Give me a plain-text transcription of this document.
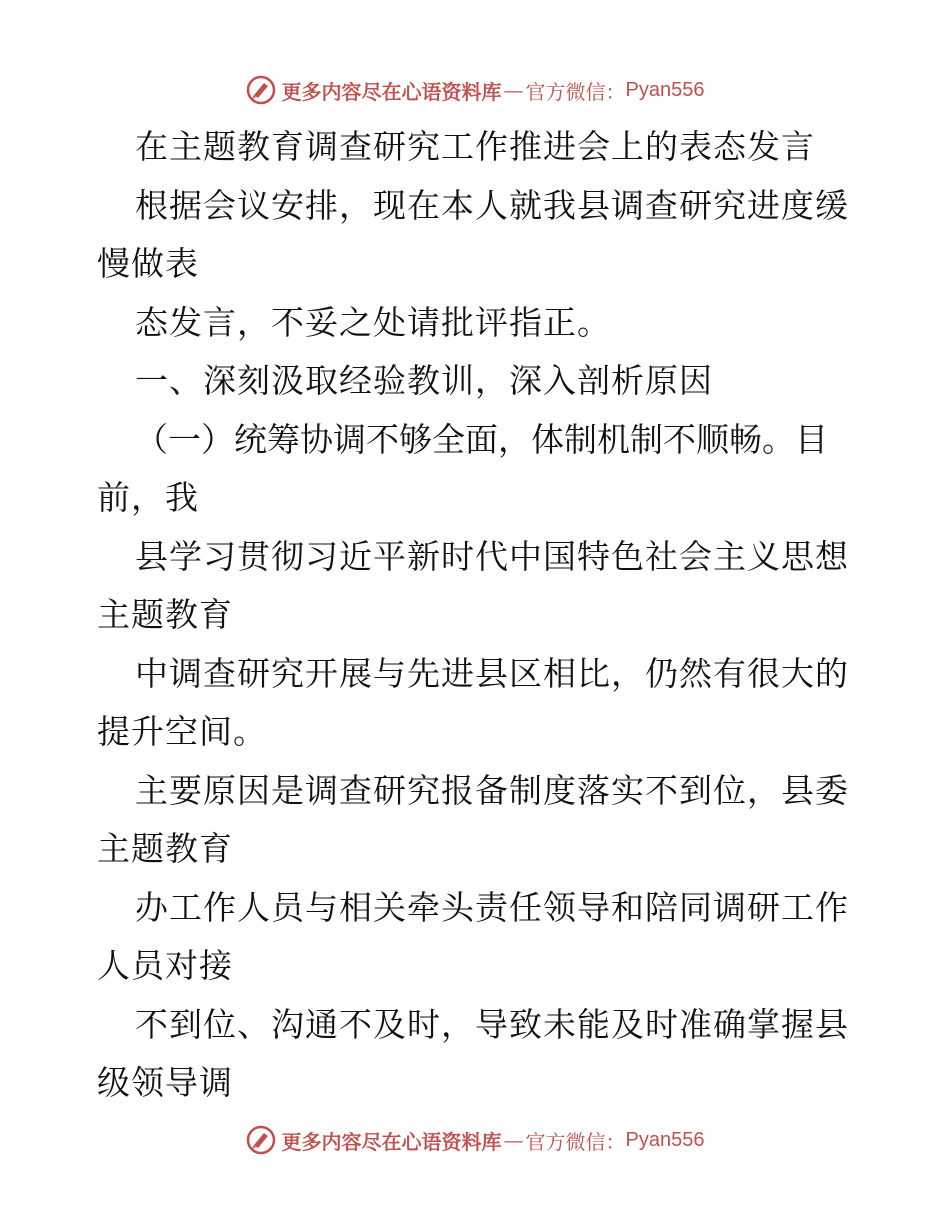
更多内容尽在心语资料库 — 官方微信： Pyan556
在主题教育调查研究工作推进会上的表态发言
根据会议安排，现在本人就我县调查研究进度缓
慢做表
态发言，不妥之处请批评指正。
一、深刻汲取经验教训，深入剖析原因
（一）统筹协调不够全面，体制机制不顺畅。目
前，我
县学习贯彻习近平新时代中国特色社会主义思想
主题教育
中调查研究开展与先进县区相比，仍然有很大的
提升空间。
主要原因是调查研究报备制度落实不到位，县委
主题教育
办工作人员与相关牵头责任领导和陪同调研工作
人员对接
不到位、沟通不及时，导致未能及时准确掌握县
级领导调
更多内容尽在心语资料库 — 官方微信： Pyan556
